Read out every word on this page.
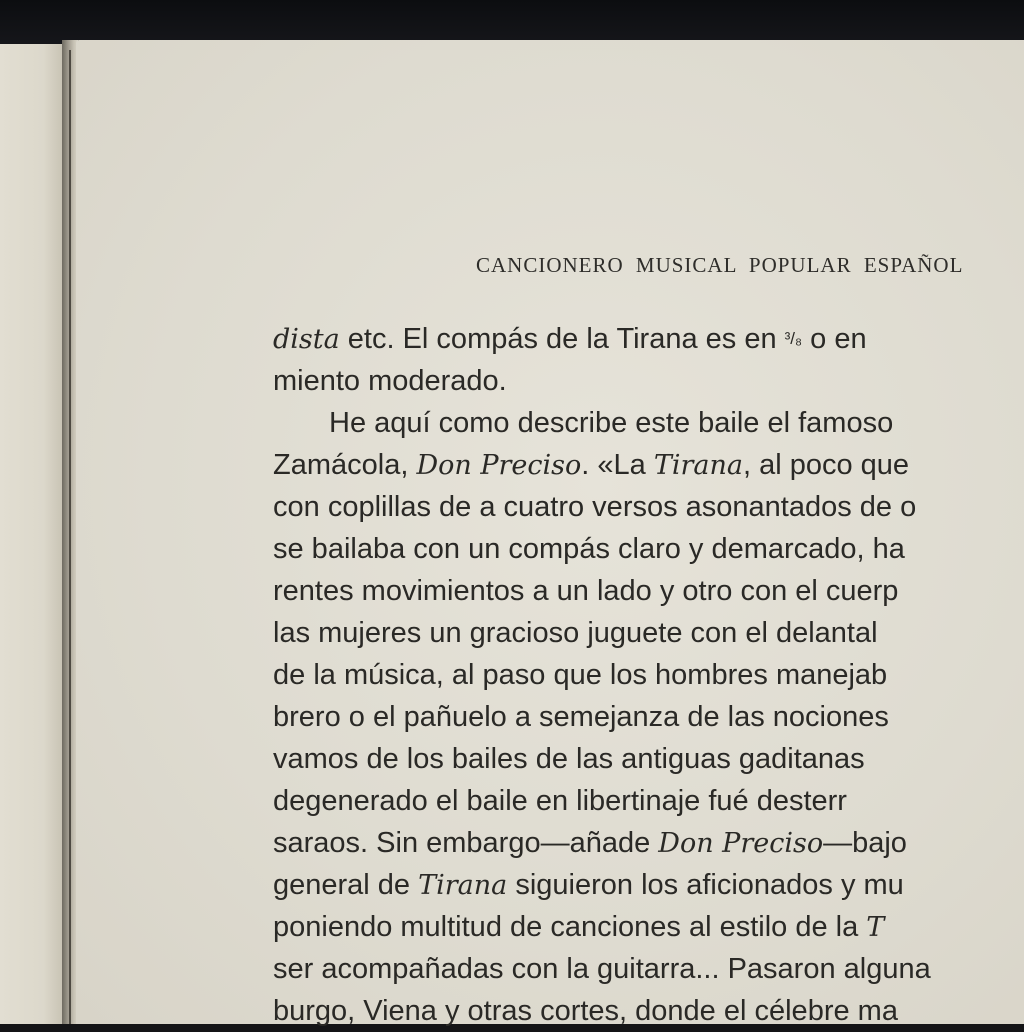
CANCIONERO MUSICAL POPULAR ESPAÑOL
dista etc. El compás de la Tirana es en ³/₈ o en
miento moderado.
He aquí como describe este baile el famoso
Zamácola, Don Preciso. «La Tirana, al poco que
con coplillas de a cuatro versos asonantados de o
se bailaba con un compás claro y demarcado, ha
rentes movimientos a un lado y otro con el cuerp
las mujeres un gracioso juguete con el delantal
de la música, al paso que los hombres manejab
brero o el pañuelo a semejanza de las nociones
vamos de los bailes de las antiguas gaditanas
degenerado el baile en libertinaje fué desterr
saraos. Sin embargo—añade Don Preciso—bajo
general de Tirana siguieron los aficionados y mu
poniendo multitud de canciones al estilo de la T
ser acompañadas con la guitarra... Pasaron alguna
burgo, Viena y otras cortes, donde el célebre ma
